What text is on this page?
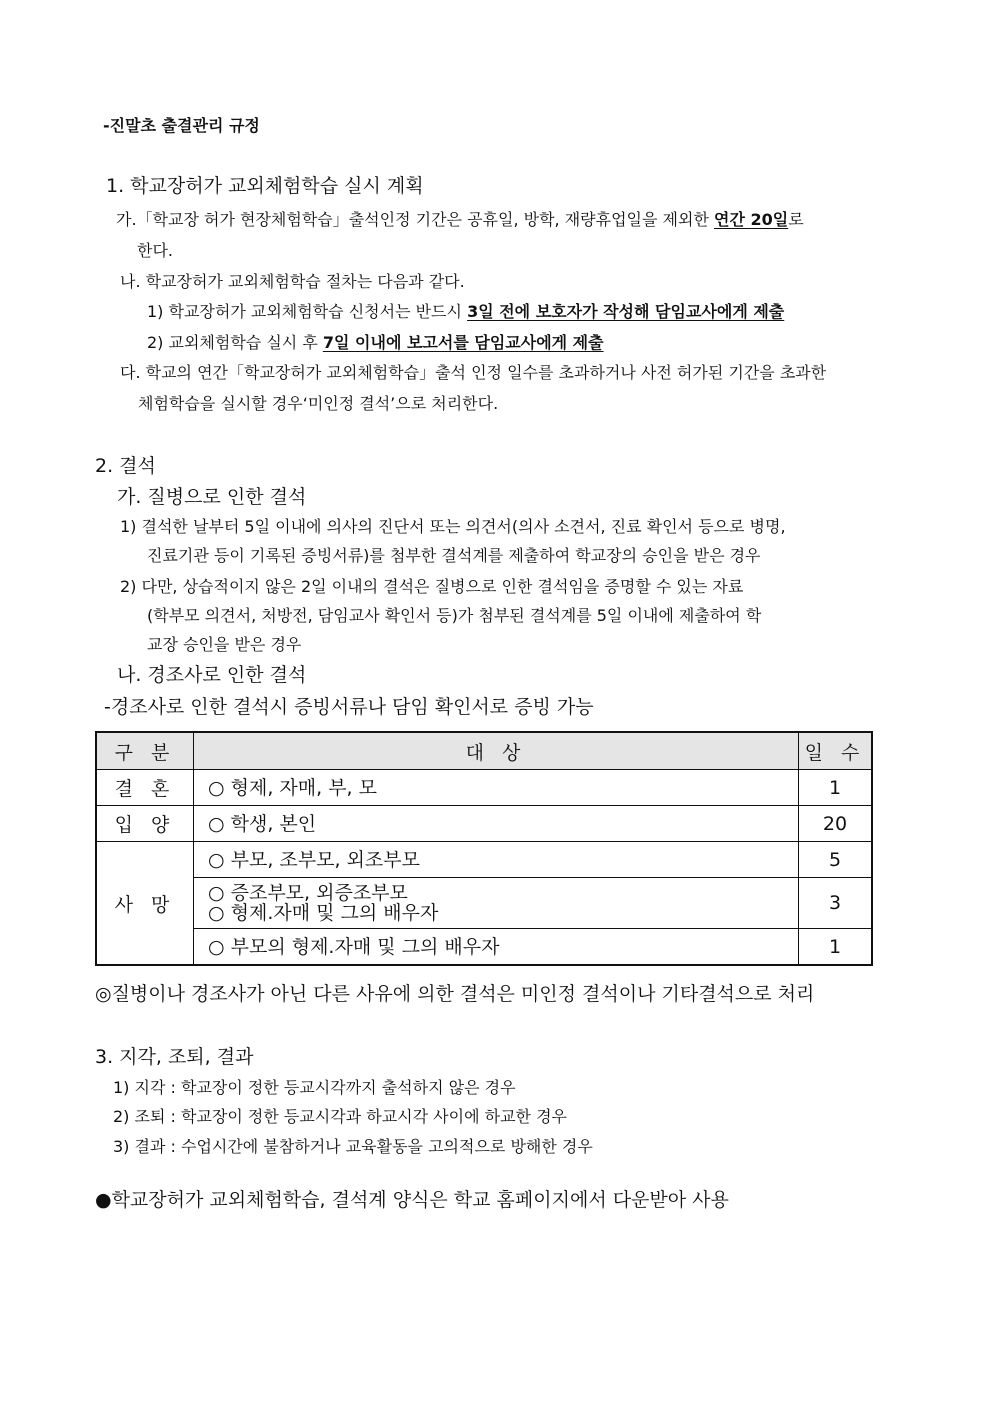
-진말초 출결관리 규정
1. 학교장허가 교외체험학습 실시 계획
가.「학교장 허가 현장체험학습」출석인정 기간은 공휴일, 방학, 재량휴업일을 제외한 연간 20일로
한다.
나. 학교장허가 교외체험학습 절차는 다음과 같다.
1) 학교장허가 교외체험학습 신청서는 반드시 3일 전에 보호자가 작성해 담임교사에게 제출
2) 교외체험학습 실시 후 7일 이내에 보고서를 담임교사에게 제출
다. 학교의 연간「학교장허가 교외체험학습」출석 인정 일수를 초과하거나 사전 허가된 기간을 초과한
체험학습을 실시할 경우‘미인정 결석’으로 처리한다.
2. 결석
가. 질병으로 인한 결석
1) 결석한 날부터 5일 이내에 의사의 진단서 또는 의견서(의사 소견서, 진료 확인서 등으로 병명,
진료기관 등이 기록된 증빙서류)를 첨부한 결석계를 제출하여 학교장의 승인을 받은 경우
2) 다만, 상습적이지 않은 2일 이내의 결석은 질병으로 인한 결석임을 증명할 수 있는 자료
(학부모 의견서, 처방전, 담임교사 확인서 등)가 첨부된 결석계를 5일 이내에 제출하여 학
교장 승인을 받은 경우
나. 경조사로 인한 결석
-경조사로 인한 결석시 증빙서류나 담임 확인서로 증빙 가능
구 분	대 상	일 수
결 혼	○ 형제, 자매, 부, 모	1
입 양	○ 학생, 본인	20
사 망	○ 부모, 조부모, 외조부모	5

	○ 증조부모, 외증조부모
○ 형제.자매 및 그의 배우자	3
	○ 부모의 형제.자매 및 그의 배우자	1
◎질병이나 경조사가 아닌 다른 사유에 의한 결석은 미인정 결석이나 기타결석으로 처리
3. 지각, 조퇴, 결과
1) 지각 : 학교장이 정한 등교시각까지 출석하지 않은 경우
2) 조퇴 : 학교장이 정한 등교시각과 하교시각 사이에 하교한 경우
3) 결과 : 수업시간에 불참하거나 교육활동을 고의적으로 방해한 경우
●학교장허가 교외체험학습, 결석계 양식은 학교 홈페이지에서 다운받아 사용
